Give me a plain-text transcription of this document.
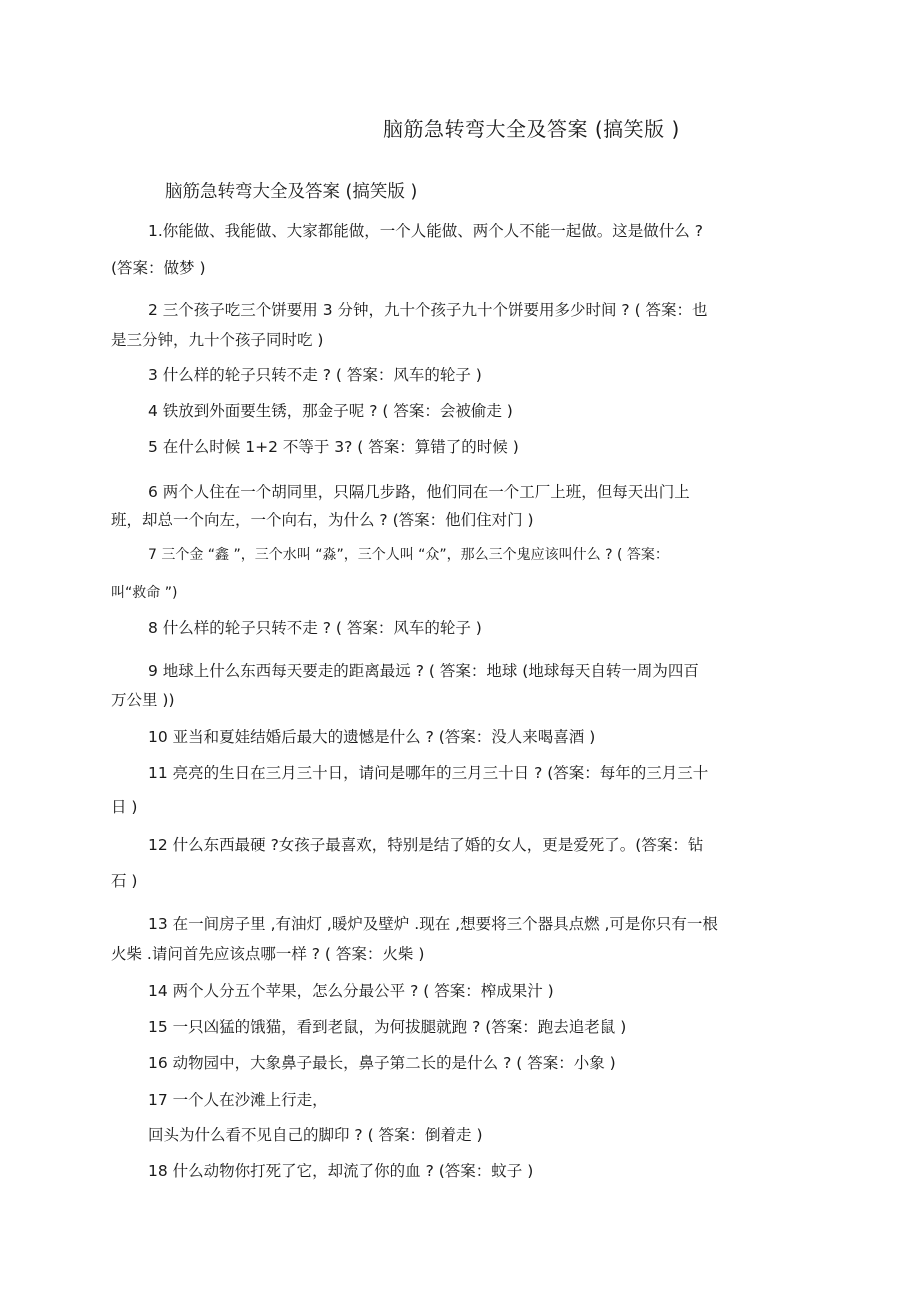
脑筋急转弯大全及答案 (搞笑版 )
脑筋急转弯大全及答案 (搞笑版 )
1.你能做、我能做、大家都能做，一个人能做、两个人不能一起做。这是做什么 ?
(答案：做梦 )
2 三个孩子吃三个饼要用 3 分钟，九十个孩子九十个饼要用多少时间 ? ( 答案：也
是三分钟，九十个孩子同时吃 )
3 什么样的轮子只转不走 ? ( 答案：风车的轮子 )
4 铁放到外面要生锈，那金子呢 ? ( 答案：会被偷走 )
5 在什么时候 1+2 不等于 3? ( 答案：算错了的时候 )
6 两个人住在一个胡同里，只隔几步路，他们同在一个工厂上班，但每天出门上
班，却总一个向左，一个向右，为什么 ? (答案：他们住对门 )
7 三个金 “鑫 ”，三个水叫 “淼”，三个人叫 “众”，那么三个鬼应该叫什么 ? ( 答案：
叫“救命 ”)
8 什么样的轮子只转不走 ? ( 答案：风车的轮子 )
9 地球上什么东西每天要走的距离最远 ? ( 答案：地球 (地球每天自转一周为四百
万公里 ))
10 亚当和夏娃结婚后最大的遗憾是什么 ? (答案：没人来喝喜酒 )
11 亮亮的生日在三月三十日，请问是哪年的三月三十日 ? (答案：每年的三月三十
日 )
12 什么东西最硬 ?女孩子最喜欢，特别是结了婚的女人，更是爱死了。(答案：钻
石 )
13 在一间房子里 ,有油灯 ,暖炉及壁炉 .现在 ,想要将三个器具点燃 ,可是你只有一根
火柴 .请问首先应该点哪一样 ? ( 答案：火柴 )
14 两个人分五个苹果，怎么分最公平 ? ( 答案：榨成果汁 )
15 一只凶猛的饿猫，看到老鼠，为何拔腿就跑 ? (答案：跑去追老鼠 )
16 动物园中，大象鼻子最长，鼻子第二长的是什么 ? ( 答案：小象 )
17 一个人在沙滩上行走，
回头为什么看不见自己的脚印 ? ( 答案：倒着走 )
18 什么动物你打死了它，却流了你的血 ? (答案：蚊子 )
